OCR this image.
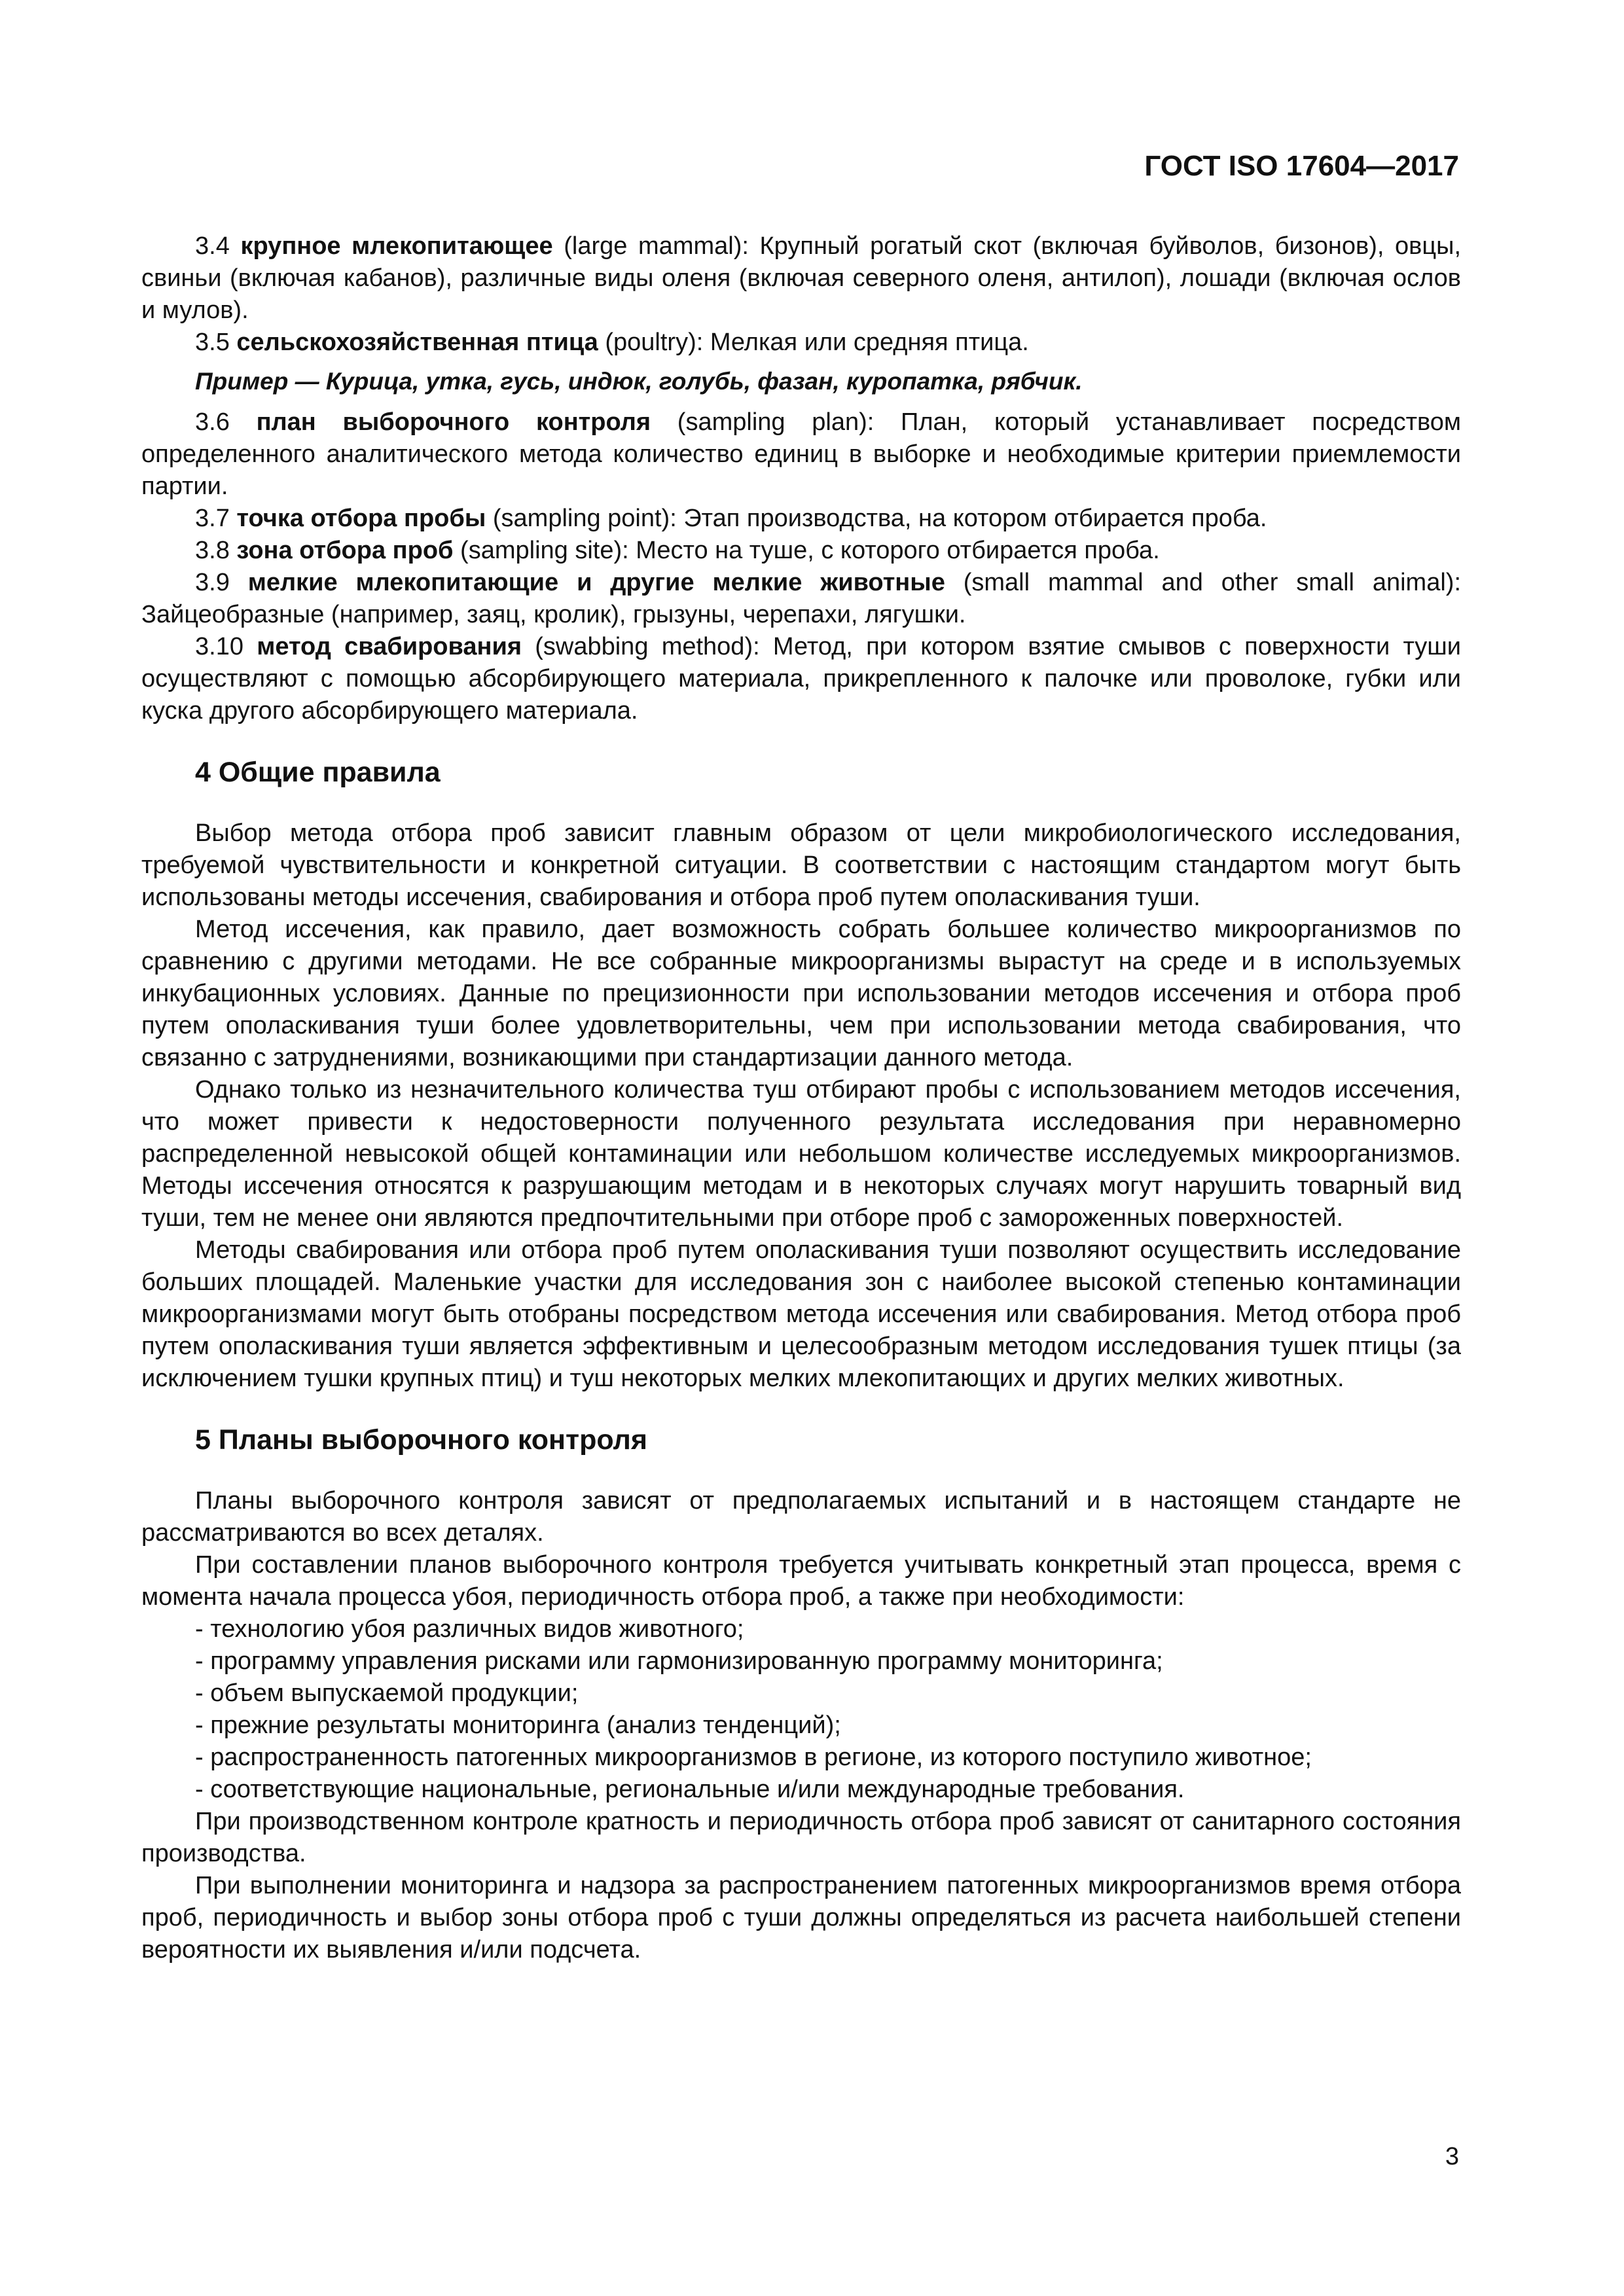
ГОСТ ISO 17604—2017

3.4 крупное млекопитающее (large mammal): Крупный рогатый скот (включая буйволов, бизонов), овцы, свиньи (включая кабанов), различные виды оленя (включая северного оленя, антилоп), лошади (включая ослов и мулов).

3.5 сельскохозяйственная птица (poultry): Мелкая или средняя птица.

Пример — Курица, утка, гусь, индюк, голубь, фазан, куропатка, рябчик.

3.6 план выборочного контроля (sampling plan): План, который устанавливает посредством определенного аналитического метода количество единиц в выборке и необходимые критерии приемлемости партии.

3.7 точка отбора пробы (sampling point): Этап производства, на котором отбирается проба.

3.8 зона отбора проб (sampling site): Место на туше, с которого отбирается проба.

3.9 мелкие млекопитающие и другие мелкие животные (small mammal and other small animal): Зайцеобразные (например, заяц, кролик), грызуны, черепахи, лягушки.

3.10 метод свабирования (swabbing method): Метод, при котором взятие смывов с поверхности туши осуществляют с помощью абсорбирующего материала, прикрепленного к палочке или проволоке, губки или куска другого абсорбирующего материала.

4 Общие правила

Выбор метода отбора проб зависит главным образом от цели микробиологического исследования, требуемой чувствительности и конкретной ситуации. В соответствии с настоящим стандартом могут быть использованы методы иссечения, свабирования и отбора проб путем ополаскивания туши.

Метод иссечения, как правило, дает возможность собрать большее количество микроорганизмов по сравнению с другими методами. Не все собранные микроорганизмы вырастут на среде и в используемых инкубационных условиях. Данные по прецизионности при использовании методов иссечения и отбора проб путем ополаскивания туши более удовлетворительны, чем при использовании метода свабирования, что связанно с затруднениями, возникающими при стандартизации данного метода.

Однако только из незначительного количества туш отбирают пробы с использованием методов иссечения, что может привести к недостоверности полученного результата исследования при неравномерно распределенной невысокой общей контаминации или небольшом количестве исследуемых микроорганизмов. Методы иссечения относятся к разрушающим методам и в некоторых случаях могут нарушить товарный вид туши, тем не менее они являются предпочтительными при отборе проб с замороженных поверхностей.

Методы свабирования или отбора проб путем ополаскивания туши позволяют осуществить исследование больших площадей. Маленькие участки для исследования зон с наиболее высокой степенью контаминации микроорганизмами могут быть отобраны посредством метода иссечения или свабирования. Метод отбора проб путем ополаскивания туши является эффективным и целесообразным методом исследования тушек птицы (за исключением тушки крупных птиц) и туш некоторых мелких млекопитающих и других мелких животных.

5 Планы выборочного контроля

Планы выборочного контроля зависят от предполагаемых испытаний и в настоящем стандарте не рассматриваются во всех деталях.

При составлении планов выборочного контроля требуется учитывать конкретный этап процесса, время с момента начала процесса убоя, периодичность отбора проб, а также при необходимости:

- технологию убоя различных видов животного;

- программу управления рисками или гармонизированную программу мониторинга;

- объем выпускаемой продукции;

- прежние результаты мониторинга (анализ тенденций);

- распространенность патогенных микроорганизмов в регионе, из которого поступило животное;

- соответствующие национальные, региональные и/или международные требования.

При производственном контроле кратность и периодичность отбора проб зависят от санитарного состояния производства.

При выполнении мониторинга и надзора за распространением патогенных микроорганизмов время отбора проб, периодичность и выбор зоны отбора проб с туши должны определяться из расчета наибольшей степени вероятности их выявления и/или подсчета.

3
